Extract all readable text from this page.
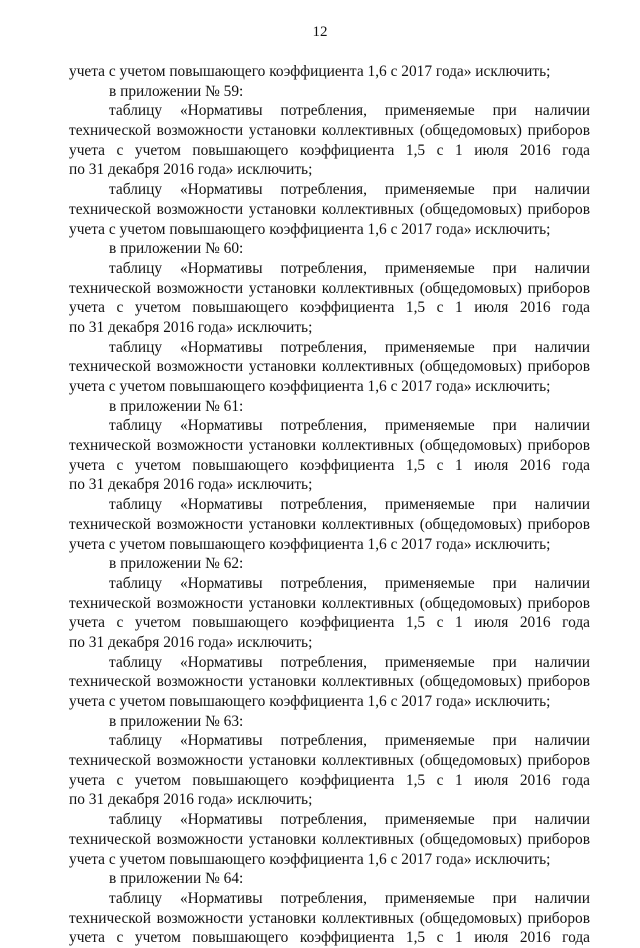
12
учета с учетом повышающего коэффициента 1,6 с 2017 года» исключить;
в приложении № 59:
таблицу «Нормативы потребления, применяемые при наличии
технической возможности установки коллективных (общедомовых) приборов
учета с учетом повышающего коэффициента 1,5 с 1 июля 2016 года
по 31 декабря 2016 года» исключить;
таблицу «Нормативы потребления, применяемые при наличии
технической возможности установки коллективных (общедомовых) приборов
учета с учетом повышающего коэффициента 1,6 с 2017 года» исключить;
в приложении № 60:
таблицу «Нормативы потребления, применяемые при наличии
технической возможности установки коллективных (общедомовых) приборов
учета с учетом повышающего коэффициента 1,5 с 1 июля 2016 года
по 31 декабря 2016 года» исключить;
таблицу «Нормативы потребления, применяемые при наличии
технической возможности установки коллективных (общедомовых) приборов
учета с учетом повышающего коэффициента 1,6 с 2017 года» исключить;
в приложении № 61:
таблицу «Нормативы потребления, применяемые при наличии
технической возможности установки коллективных (общедомовых) приборов
учета с учетом повышающего коэффициента 1,5 с 1 июля 2016 года
по 31 декабря 2016 года» исключить;
таблицу «Нормативы потребления, применяемые при наличии
технической возможности установки коллективных (общедомовых) приборов
учета с учетом повышающего коэффициента 1,6 с 2017 года» исключить;
в приложении № 62:
таблицу «Нормативы потребления, применяемые при наличии
технической возможности установки коллективных (общедомовых) приборов
учета с учетом повышающего коэффициента 1,5 с 1 июля 2016 года
по 31 декабря 2016 года» исключить;
таблицу «Нормативы потребления, применяемые при наличии
технической возможности установки коллективных (общедомовых) приборов
учета с учетом повышающего коэффициента 1,6 с 2017 года» исключить;
в приложении № 63:
таблицу «Нормативы потребления, применяемые при наличии
технической возможности установки коллективных (общедомовых) приборов
учета с учетом повышающего коэффициента 1,5 с 1 июля 2016 года
по 31 декабря 2016 года» исключить;
таблицу «Нормативы потребления, применяемые при наличии
технической возможности установки коллективных (общедомовых) приборов
учета с учетом повышающего коэффициента 1,6 с 2017 года» исключить;
в приложении № 64:
таблицу «Нормативы потребления, применяемые при наличии
технической возможности установки коллективных (общедомовых) приборов
учета с учетом повышающего коэффициента 1,5 с 1 июля 2016 года
